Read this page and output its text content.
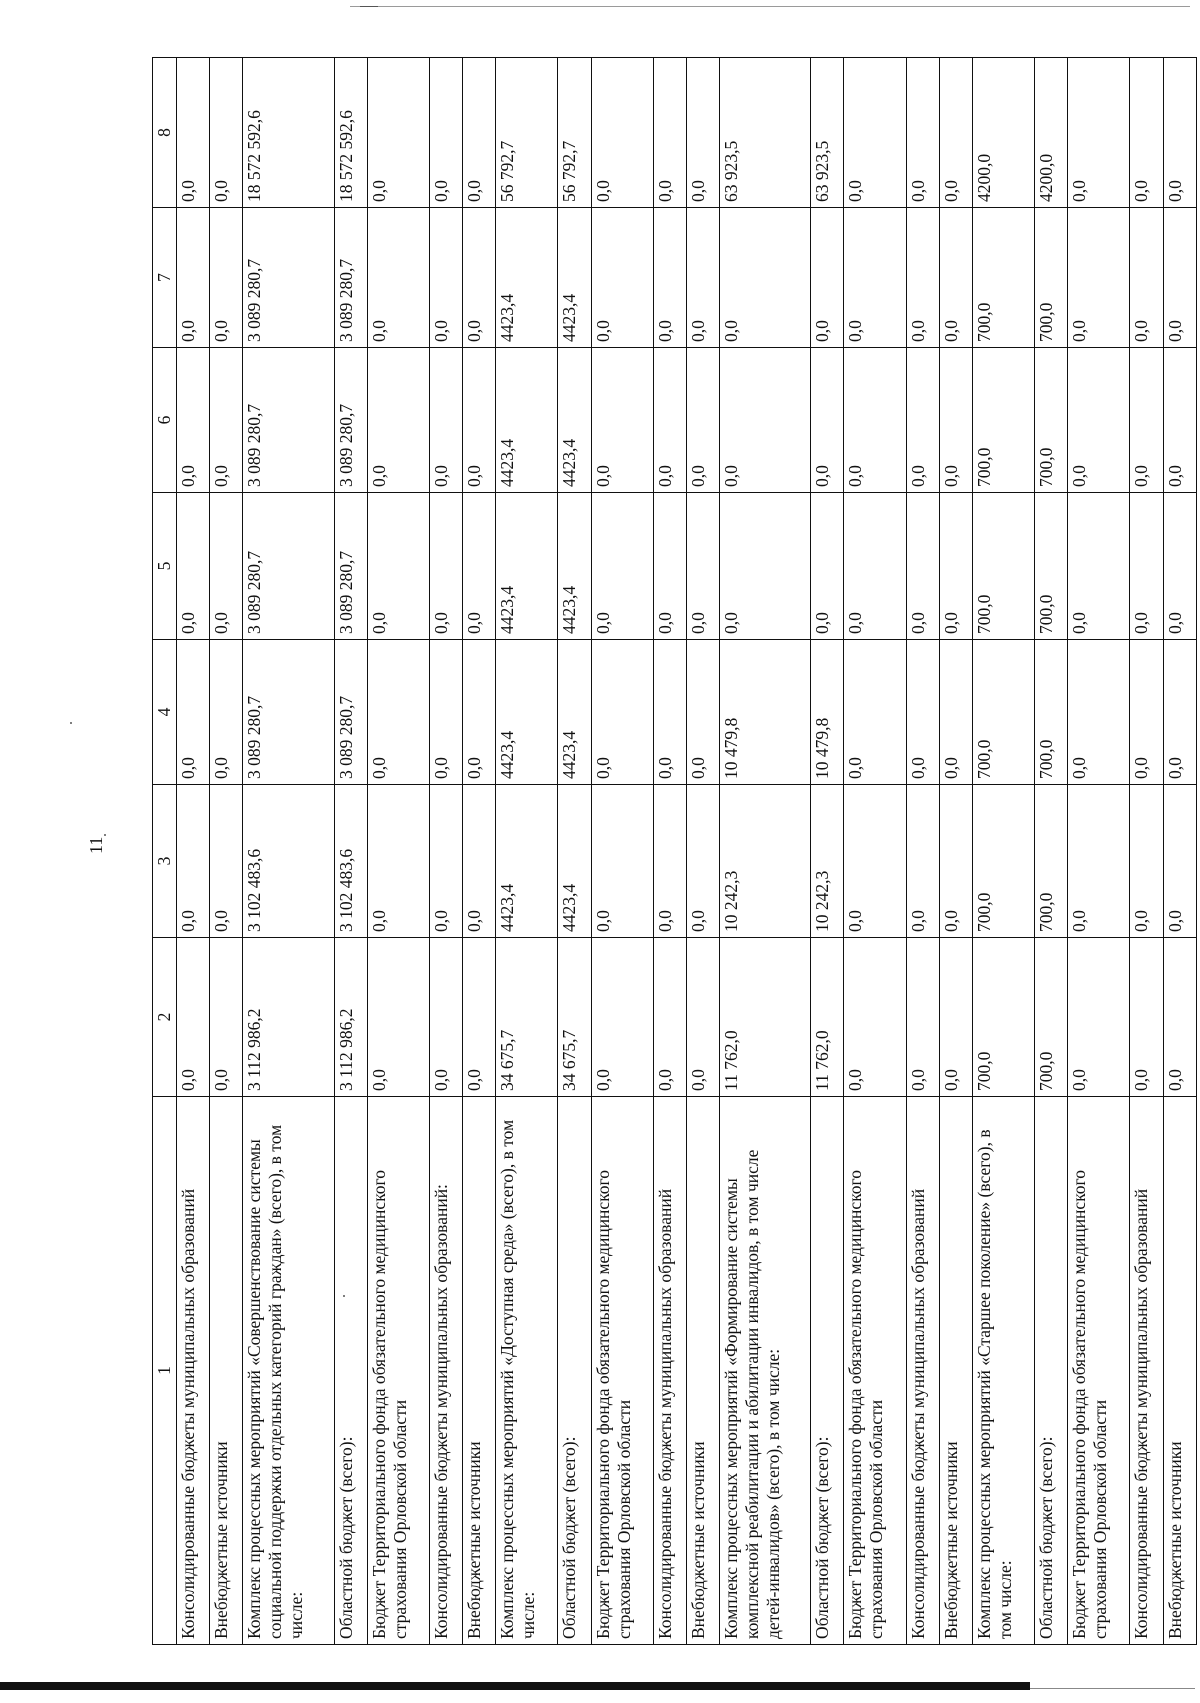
11
1	2	3	4	5	6	7	8
Консолидированные бюджеты муниципальных образований	0,0	0,0	0,0	0,0	0,0	0,0	0,0
Внебюджетные источники	0,0	0,0	0,0	0,0	0,0	0,0	0,0
Комплекс процессных мероприятий «Совершенствование системы социальной поддержки отдельных категорий граждан» (всего), в том числе:	3 112 986,2	3 102 483,6	3 089 280,7	3 089 280,7	3 089 280,7	3 089 280,7	18 572 592,6
Областной бюджет (всего):	3 112 986,2	3 102 483,6	3 089 280,7	3 089 280,7	3 089 280,7	3 089 280,7	18 572 592,6
Бюджет Территориального фонда обязательного медицинского страхования Орловской области	0,0	0,0	0,0	0,0	0,0	0,0	0,0
Консолидированные бюджеты муниципальных образований:	0,0	0,0	0,0	0,0	0,0	0,0	0,0
Внебюджетные источники	0,0	0,0	0,0	0,0	0,0	0,0	0,0
Комплекс процессных мероприятий «Доступная среда» (всего), в том числе:	34 675,7	4423,4	4423,4	4423,4	4423,4	4423,4	56 792,7
Областной бюджет (всего):	34 675,7	4423,4	4423,4	4423,4	4423,4	4423,4	56 792,7
Бюджет Территориального фонда обязательного медицинского страхования Орловской области	0,0	0,0	0,0	0,0	0,0	0,0	0,0
Консолидированные бюджеты муниципальных образований	0,0	0,0	0,0	0,0	0,0	0,0	0,0
Внебюджетные источники	0,0	0,0	0,0	0,0	0,0	0,0	0,0
Комплекс процессных мероприятий «Формирование системы комплексной реабилитации и абилитации инвалидов, в том числе детей-инвалидов» (всего), в том числе:	11 762,0	10 242,3	10 479,8	0,0	0,0	0,0	63 923,5
Областной бюджет (всего):	11 762,0	10 242,3	10 479,8	0,0	0,0	0,0	63 923,5
Бюджет Территориального фонда обязательного медицинского страхования Орловской области	0,0	0,0	0,0	0,0	0,0	0,0	0,0
Консолидированные бюджеты муниципальных образований	0,0	0,0	0,0	0,0	0,0	0,0	0,0
Внебюджетные источники	0,0	0,0	0,0	0,0	0,0	0,0	0,0
Комплекс процессных мероприятий «Старшее поколение» (всего), в том числе:	700,0	700,0	700,0	700,0	700,0	700,0	4200,0
Областной бюджет (всего):	700,0	700,0	700,0	700,0	700,0	700,0	4200,0
Бюджет Территориального фонда обязательного медицинского страхования Орловской области	0,0	0,0	0,0	0,0	0,0	0,0	0,0
Консолидированные бюджеты муниципальных образований	0,0	0,0	0,0	0,0	0,0	0,0	0,0
Внебюджетные источники	0,0	0,0	0,0	0,0	0,0	0,0	0,0
